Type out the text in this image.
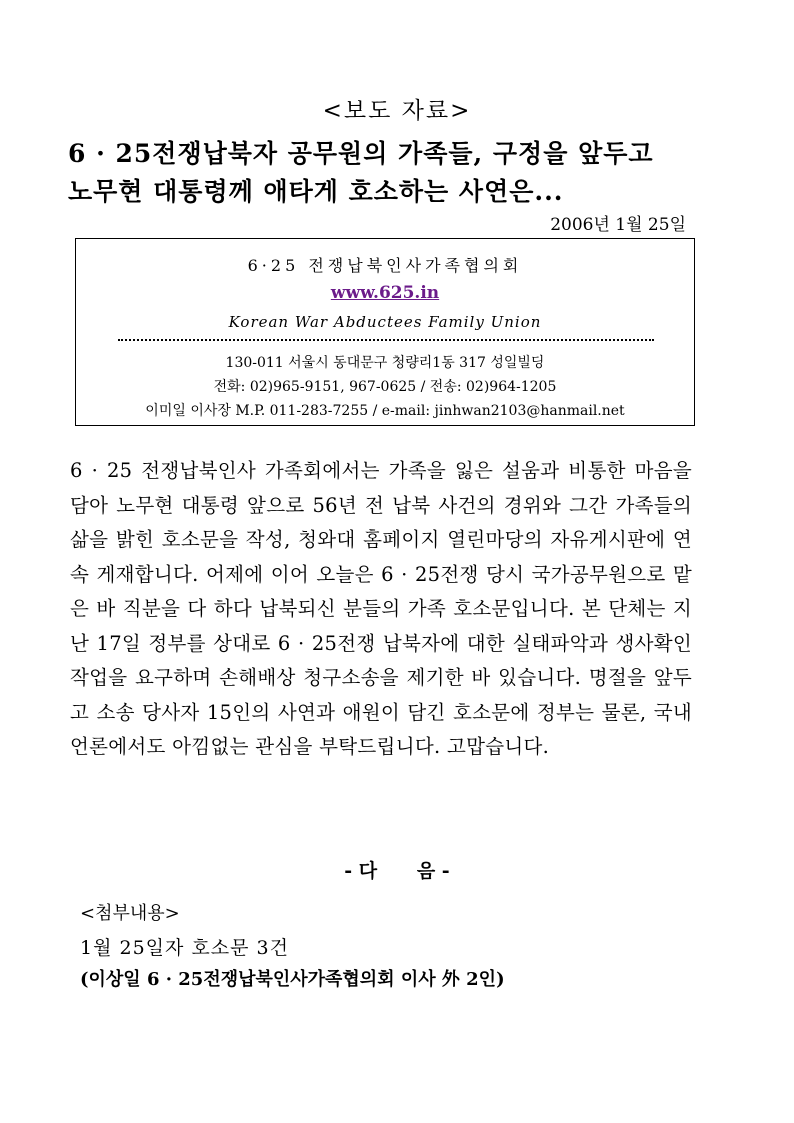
<보도 자료>
6 · 25전쟁납북자 공무원의 가족들, 구정을 앞두고
노무현 대통령께 애타게 호소하는 사연은...
2006년 1월 25일
6·25 전쟁납북인사가족협의회
www.625.in
Korean War Abductees Family Union
130-011 서울시 동대문구 청량리1동 317 성일빌딩
전화: 02)965-9151, 967-0625 / 전송: 02)964-1205
이미일 이사장 M.P. 011-283-7255 / e-mail: jinhwan2103@hanmail.net
6 · 25 전쟁납북인사 가족회에서는 가족을 잃은 설움과 비통한 마음을 담아 노무현 대통령 앞으로 56년 전 납북 사건의 경위와 그간 가족들의 삶을 밝힌 호소문을 작성, 청와대 홈페이지 열린마당의 자유게시판에 연속 게재합니다. 어제에 이어 오늘은 6 · 25전쟁 당시 국가공무원으로 맡은 바 직분을 다 하다 납북되신 분들의 가족 호소문입니다. 본 단체는 지난 17일 정부를 상대로 6 · 25전쟁 납북자에 대한 실태파악과 생사확인 작업을 요구하며 손해배상 청구소송을 제기한 바 있습니다. 명절을 앞두고 소송 당사자 15인의 사연과 애원이 담긴 호소문에 정부는 물론, 국내 언론에서도 아낌없는 관심을 부탁드립니다. 고맙습니다.
- 다      음 -
<첨부내용>
1월 25일자 호소문 3건
(이상일 6 · 25전쟁납북인사가족협의회 이사 外 2인)
